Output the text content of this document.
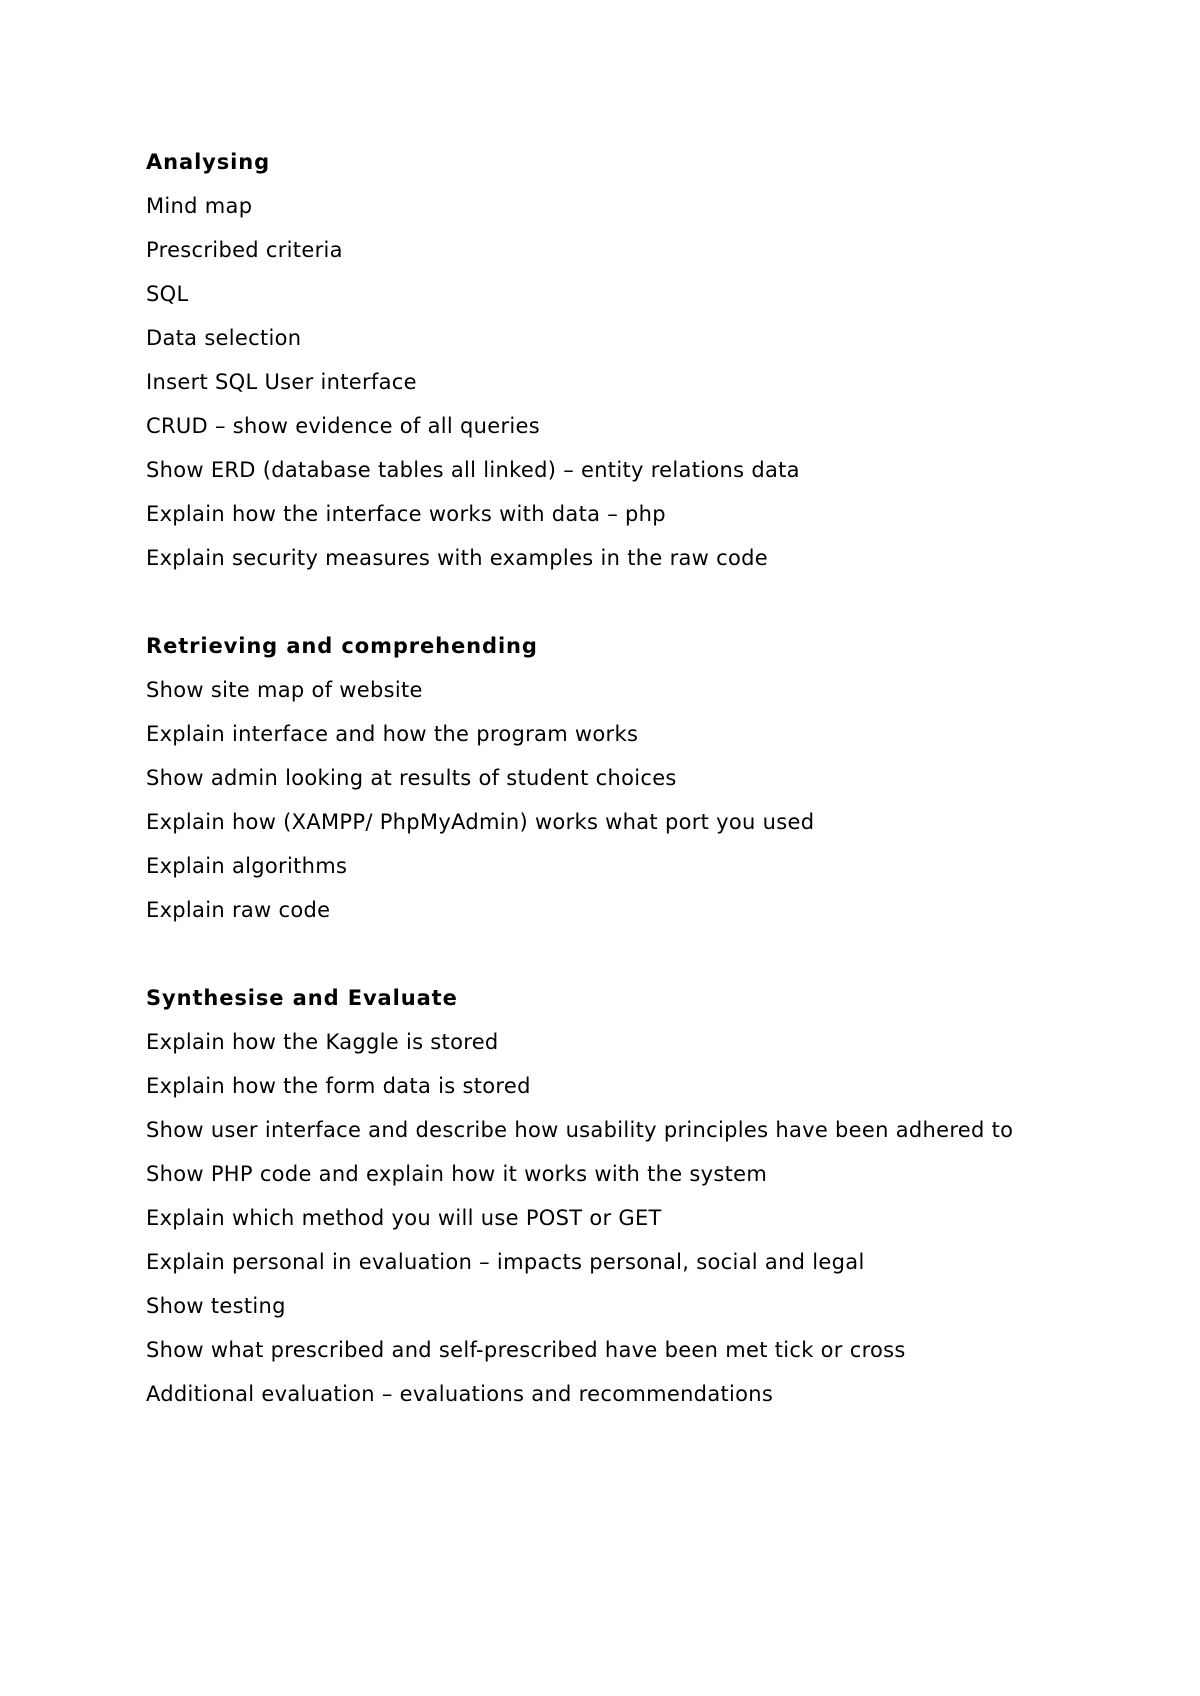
Analysing
Mind map
Prescribed criteria
SQL
Data selection
Insert SQL User interface
CRUD – show evidence of all queries
Show ERD (database tables all linked) – entity relations data
Explain how the interface works with data – php
Explain security measures with examples in the raw code
Retrieving and comprehending
Show site map of website
Explain interface and how the program works
Show admin looking at results of student choices
Explain how (XAMPP/ PhpMyAdmin) works what port you used
Explain algorithms
Explain raw code
Synthesise and Evaluate
Explain how the Kaggle is stored
Explain how the form data is stored
Show user interface and describe how usability principles have been adhered to
Show PHP code and explain how it works with the system
Explain which method you will use POST or GET
Explain personal in evaluation – impacts personal, social and legal
Show testing
Show what prescribed and self-prescribed have been met tick or cross
Additional evaluation – evaluations and recommendations
